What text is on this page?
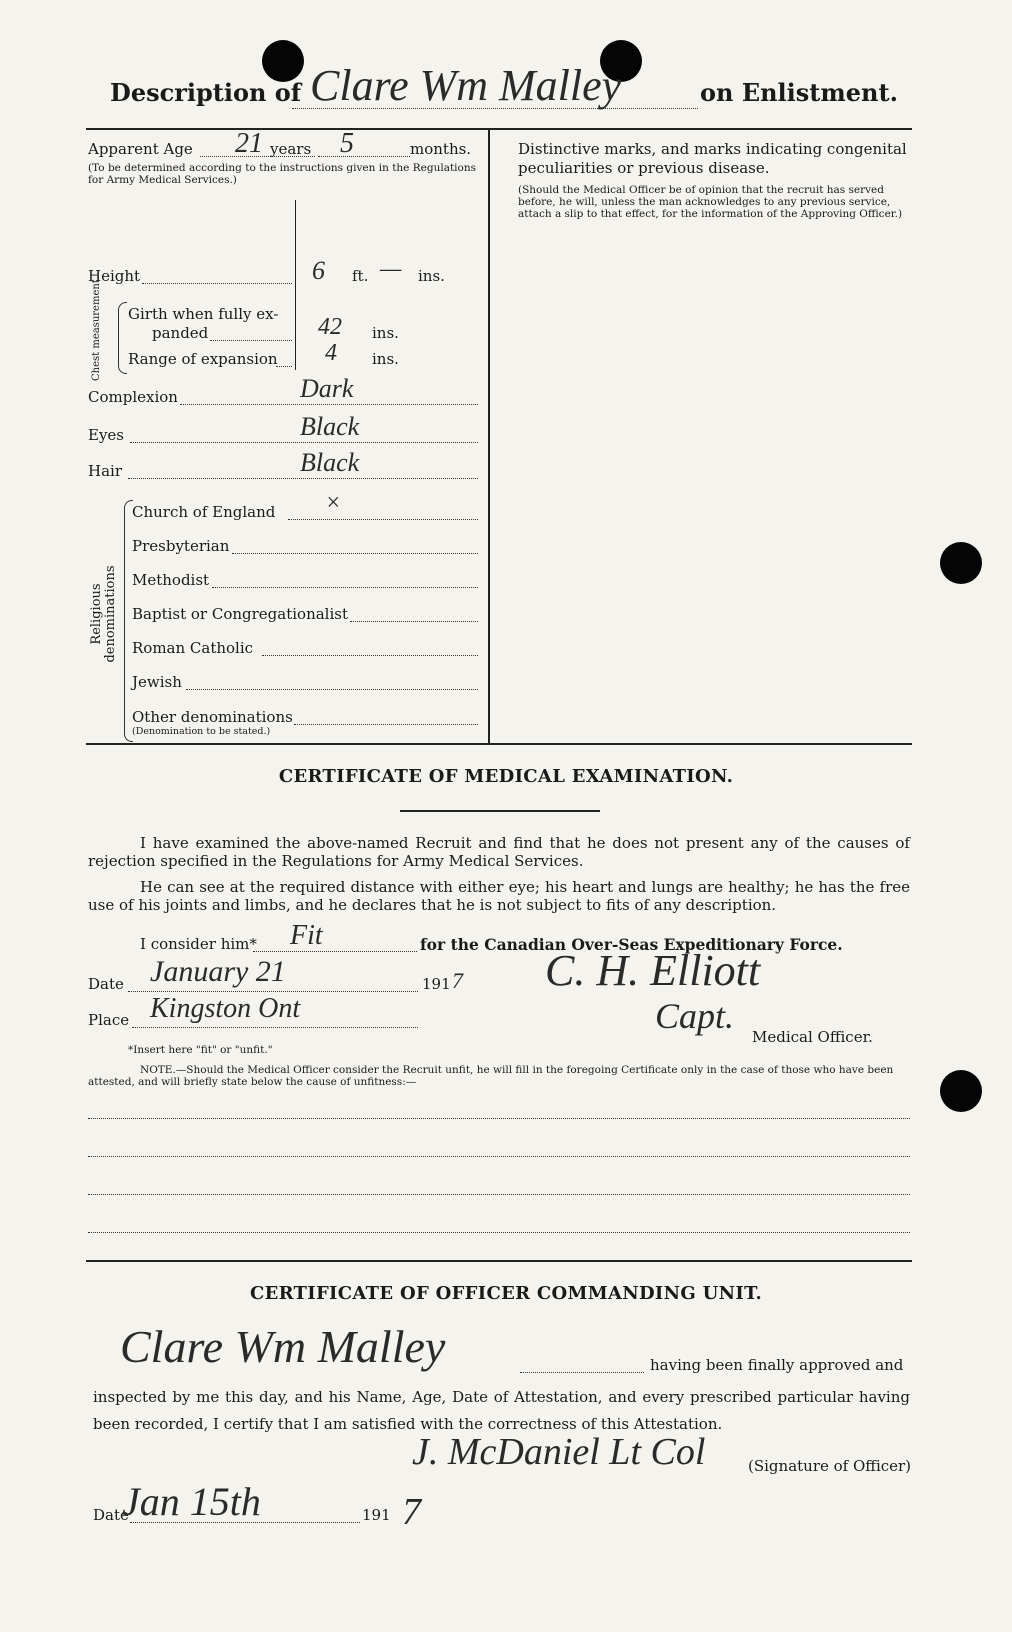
Description of Clare Wm Malley	on Enlistment.
Apparent Age 21 years 5	months.
(To be determined according to the instructions given in the Regulations for Army Medical Services.)
Height	6 ft. — ins.
Chest measurement. Girth when fully ex-
panded	42 ins.
Range of expansion 4 ins.
Complexion	Dark
Eyes	Black
Hair	Black
Religious denominations
Church of England ×
Presbyterian
Methodist
Baptist or Congregationalist
Roman Catholic
Jewish
Other denominations
(Denomination to be stated.)
Distinctive marks, and marks indicating congenital peculiarities or previous disease.
(Should the Medical Officer be of opinion that the recruit has served before, he will, unless the man acknowledges to any previous service, attach a slip to that effect, for the information of the Approving Officer.)
CERTIFICATE OF MEDICAL EXAMINATION.
I have examined the above-named Recruit and find that he does not present any of the causes of rejection specified in the Regulations for Army Medical Services.
He can see at the required distance with either eye; his heart and lungs are healthy; he has the free use of his joints and limbs, and he declares that he is not subject to fits of any description.
I consider him* Fit	for the Canadian Over-Seas Expeditionary Force.
Date January 21	191 7
Place Kingston Ont
C. H. Elliott
Capt.
Medical Officer.
*Insert here "fit" or "unfit."
NOTE.—Should the Medical Officer consider the Recruit unfit, he will fill in the foregoing Certificate only in the case of those who have been attested, and will briefly state below the cause of unfitness:—
CERTIFICATE OF OFFICER COMMANDING UNIT.
Clare Wm Malley	having been finally approved and
inspected by me this day, and his Name, Age, Date of Attestation, and every prescribed particular having been recorded, I certify that I am satisfied with the correctness of this Attestation.
J. McDaniel Lt Col	(Signature of Officer)
Date
Jan 15th	191 7
